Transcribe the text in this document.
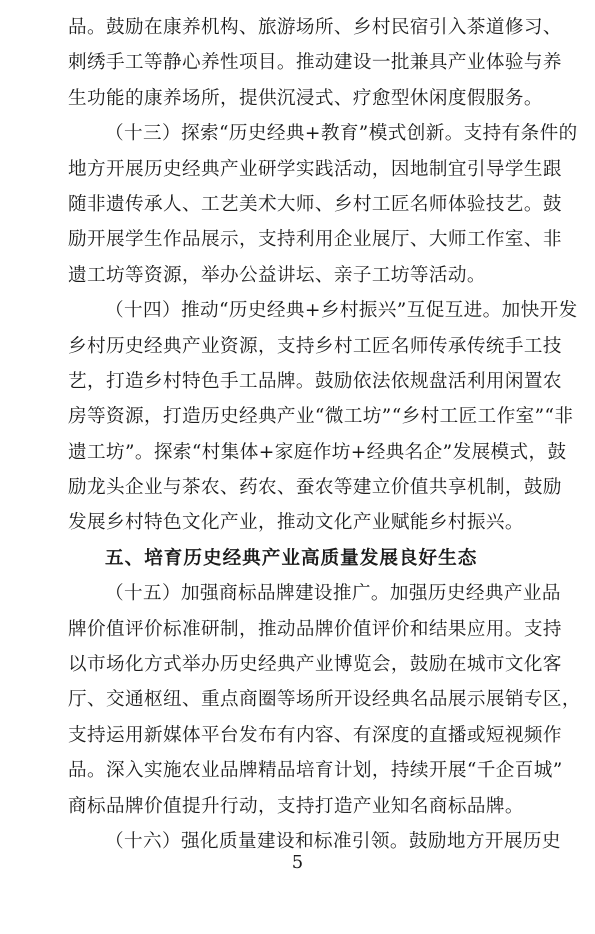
品。鼓励在康养机构、旅游场所、乡村民宿引入茶道修习、
刺绣手工等静心养性项目。推动建设一批兼具产业体验与养
生功能的康养场所，提供沉浸式、疗愈型休闲度假服务。
（十三）探索“历史经典+教育”模式创新。支持有条件的
地方开展历史经典产业研学实践活动，因地制宜引导学生跟
随非遗传承人、工艺美术大师、乡村工匠名师体验技艺。鼓
励开展学生作品展示，支持利用企业展厅、大师工作室、非
遗工坊等资源，举办公益讲坛、亲子工坊等活动。
（十四）推动“历史经典+乡村振兴”互促互进。加快开发
乡村历史经典产业资源，支持乡村工匠名师传承传统手工技
艺，打造乡村特色手工品牌。鼓励依法依规盘活利用闲置农
房等资源，打造历史经典产业“微工坊”“乡村工匠工作室”“非
遗工坊”。探索“村集体+家庭作坊+经典名企”发展模式，鼓
励龙头企业与茶农、药农、蚕农等建立价值共享机制，鼓励
发展乡村特色文化产业，推动文化产业赋能乡村振兴。
五、培育历史经典产业高质量发展良好生态
（十五）加强商标品牌建设推广。加强历史经典产业品
牌价值评价标准研制，推动品牌价值评价和结果应用。支持
以市场化方式举办历史经典产业博览会，鼓励在城市文化客
厅、交通枢纽、重点商圈等场所开设经典名品展示展销专区，
支持运用新媒体平台发布有内容、有深度的直播或短视频作
品。深入实施农业品牌精品培育计划，持续开展“千企百城”
商标品牌价值提升行动，支持打造产业知名商标品牌。
（十六）强化质量建设和标准引领。鼓励地方开展历史
5
